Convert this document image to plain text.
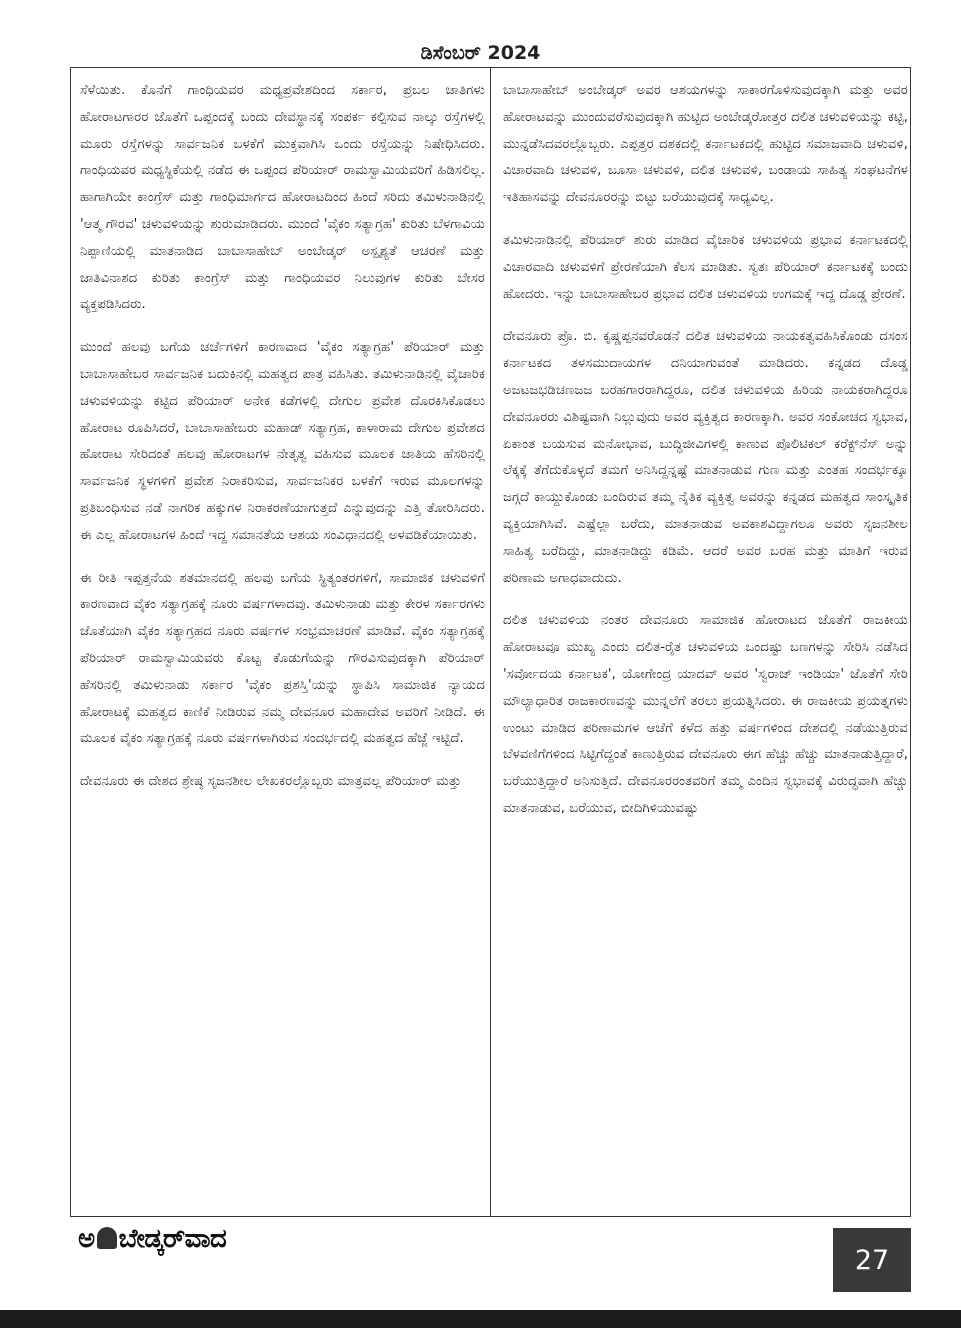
ಡಿಸೆಂಬರ್ 2024

ಸೆಳೆಯಿತು. ಕೊನೆಗೆ ಗಾಂಧಿಯವರ ಮಧ್ಯಪ್ರವೇಶದಿಂದ ಸರ್ಕಾರ, ಪ್ರಬಲ ಜಾತಿಗಳು ಹೋರಾಟಗಾರರ ಜೊತೆಗೆ ಒಪ್ಪಂದಕ್ಕೆ ಬಂದು ದೇವಸ್ಥಾನಕ್ಕೆ ಸಂಪರ್ಕ ಕಲ್ಪಿಸುವ ನಾಲ್ಕು ರಸ್ತೆಗಳಲ್ಲಿ ಮೂರು ರಸ್ತೆಗಳನ್ನು ಸಾರ್ವಜನಿಕ ಬಳಕೆಗೆ ಮುಕ್ತವಾಗಿಸಿ ಒಂದು ರಸ್ತೆಯನ್ನು ನಿಷೇಧಿಸಿದರು. ಗಾಂಧಿಯವರ ಮಧ್ಯಸ್ಥಿಕೆಯಲ್ಲಿ ನಡೆದ ಈ ಒಪ್ಪಂದ ಪೆರಿಯಾರ್ ರಾಮಸ್ವಾಮಿಯವರಿಗೆ ಹಿಡಿಸಲಿಲ್ಲ. ಹಾಗಾಗಿಯೇ ಕಾಂಗ್ರೆಸ್ ಮತ್ತು ಗಾಂಧಿಮಾರ್ಗದ ಹೋರಾಟದಿಂದ ಹಿಂದೆ ಸರಿದು ತಮಿಳುನಾಡಿನಲ್ಲಿ 'ಆತ್ಮ ಗೌರವ' ಚಳುವಳಿಯನ್ನು ಶುರುಮಾಡಿದರು. ಮುಂದೆ 'ವೈಕಂ ಸತ್ಯಾಗ್ರಹ' ಕುರಿತು ಬೆಳಗಾವಿಯ ನಿಪ್ಪಾಣಿಯಲ್ಲಿ ಮಾತನಾಡಿದ ಬಾಬಾಸಾಹೇಬ್ ಅಂಬೇಡ್ಕರ್ ಅಸ್ಪೃಶ್ಯತೆ ಆಚರಣೆ ಮತ್ತು ಜಾತಿವಿನಾಶದ ಕುರಿತು ಕಾಂಗ್ರೆಸ್ ಮತ್ತು ಗಾಂಧಿಯವರ ನಿಲುವುಗಳ ಕುರಿತು ಬೇಸರ ವ್ಯಕ್ತಪಡಿಸಿದರು.

ಮುಂದೆ ಹಲವು ಬಗೆಯ ಚರ್ಚೆಗಳಿಗೆ ಕಾರಣವಾದ 'ವೈಕಂ ಸತ್ಯಾಗ್ರಹ' ಪೆರಿಯಾರ್ ಮತ್ತು ಬಾಬಾಸಾಹೇಬರ ಸಾರ್ವಜನಿಕ ಬದುಕಿನಲ್ಲಿ ಮಹತ್ವದ ಪಾತ್ರ ವಹಿಸಿತು. ತಮಿಳುನಾಡಿನಲ್ಲಿ ವೈಚಾರಿಕ ಚಳುವಳಿಯನ್ನು ಕಟ್ಟಿದ ಪೆರಿಯಾರ್ ಅನೇಕ ಕಡೆಗಳಲ್ಲಿ ದೇಗುಲ ಪ್ರವೇಶ ದೊರಕಿಸಿಕೊಡಲು ಹೋರಾಟ ರೂಪಿಸಿದರೆ, ಬಾಬಾಸಾಹೇಬರು ಮಹಾಡ್ ಸತ್ಯಾಗ್ರಹ, ಕಾಳಾರಾಮ ದೇಗುಲ ಪ್ರವೇಶದ ಹೋರಾಟ ಸೇರಿದಂತೆ ಹಲವು ಹೋರಾಟಗಳ ನೇತೃತ್ವ ವಹಿಸುವ ಮೂಲಕ ಜಾತಿಯ ಹೆಸರಿನಲ್ಲಿ ಸಾರ್ವಜನಿಕ ಸ್ಥಳಗಳಿಗೆ ಪ್ರವೇಶ ನಿರಾಕರಿಸುವ, ಸಾರ್ವಜನಿಕರ ಬಳಕೆಗೆ ಇರುವ ಮೂಲಗಳನ್ನು ಪ್ರತಿಬಂಧಿಸುವ ನಡೆ ನಾಗರಿಕ ಹಕ್ಕುಗಳ ನಿರಾಕರಣೆಯಾಗುತ್ತದೆ ಎನ್ನುವುದನ್ನು ಎತ್ತಿ ತೋರಿಸಿದರು. ಈ ಎಲ್ಲ ಹೋರಾಟಗಳ ಹಿಂದೆ ಇದ್ದ ಸಮಾನತೆಯ ಆಶಯ ಸಂವಿಧಾನದಲ್ಲಿ ಅಳವಡಿಕೆಯಾಯಿತು.

ಈ ರೀತಿ ಇಪ್ಪತ್ತನೆಯ ಶತಮಾನದಲ್ಲಿ ಹಲವು ಬಗೆಯ ಸ್ಥಿತ್ಯಂತರಗಳಿಗೆ, ಸಾಮಾಜಿಕ ಚಳುವಳಿಗೆ ಕಾರಣವಾದ ವೈಕಂ ಸತ್ಯಾಗ್ರಹಕ್ಕೆ ನೂರು ವರ್ಷಗಳಾದವು. ತಮಿಳುನಾಡು ಮತ್ತು ಕೇರಳ ಸರ್ಕಾರಗಳು ಜೊತೆಯಾಗಿ ವೈಕಂ ಸತ್ಯಾಗ್ರಹದ ನೂರು ವರ್ಷಗಳ ಸಂಭ್ರಮಾಚರಣೆ ಮಾಡಿವೆ. ವೈಕಂ ಸತ್ಯಾಗ್ರಹಕ್ಕೆ ಪೆರಿಯಾರ್ ರಾಮಸ್ವಾಮಿಯವರು ಕೊಟ್ಟ ಕೊಡುಗೆಯನ್ನು ಗೌರವಿಸುವುದಕ್ಕಾಗಿ ಪೆರಿಯಾರ್ ಹೆಸರಿನಲ್ಲಿ ತಮಿಳುನಾಡು ಸರ್ಕಾರ 'ವೈಕಂ ಪ್ರಶಸ್ತಿ'ಯನ್ನು ಸ್ಥಾಪಿಸಿ ಸಾಮಾಜಿಕ ನ್ಯಾಯದ ಹೋರಾಟಕ್ಕೆ ಮಹತ್ವದ ಕಾಣಿಕೆ ನೀಡಿರುವ ನಮ್ಮ ದೇವನೂರ ಮಹಾದೇವ ಅವರಿಗೆ ನೀಡಿದೆ. ಈ ಮೂಲಕ ವೈಕಂ ಸತ್ಯಾಗ್ರಹಕ್ಕೆ ನೂರು ವರ್ಷಗಳಾಗಿರುವ ಸಂದರ್ಭದಲ್ಲಿ ಮಹತ್ವದ ಹೆಜ್ಜೆ ಇಟ್ಟಿದೆ.

ದೇವನೂರು ಈ ದೇಶದ ಶ್ರೇಷ್ಠ ಸೃಜನಶೀಲ ಲೇಖಕರಲ್ಲೊಬ್ಬರು ಮಾತ್ರವಲ್ಲ ಪೆರಿಯಾರ್ ಮತ್ತು

ಬಾಬಾಸಾಹೇಬ್ ಅಂಬೇಡ್ಕರ್ ಅವರ ಆಶಯಗಳನ್ನು ಸಾಕಾರಗೊಳಿಸುವುದಕ್ಕಾಗಿ ಮತ್ತು ಅವರ ಹೋರಾಟವನ್ನು ಮುಂದುವರೆಸುವುದಕ್ಕಾಗಿ ಹುಟ್ಟಿದ ಅಂಬೇಡ್ಕರೋತ್ತರ ದಲಿತ ಚಳುವಳಿಯನ್ನು ಕಟ್ಟಿ, ಮುನ್ನಡೆಸಿದವರಲ್ಲೊಬ್ಬರು. ಎಪ್ಪತ್ತರ ದಶಕದಲ್ಲಿ ಕರ್ನಾಟಕದಲ್ಲಿ ಹುಟ್ಟಿದ ಸಮಾಜವಾದಿ ಚಳುವಳಿ, ವಿಚಾರವಾದಿ ಚಳುವಳಿ, ಬೂಸಾ ಚಳುವಳಿ, ದಲಿತ ಚಳುವಳಿ, ಬಂಡಾಯ ಸಾಹಿತ್ಯ ಸಂಘಟನೆಗಳ ಇತಿಹಾಸವನ್ನು ದೇವನೂರರನ್ನು ಬಿಟ್ಟು ಬರೆಯುವುದಕ್ಕೆ ಸಾಧ್ಯವಿಲ್ಲ.

ತಮಿಳುನಾಡಿನಲ್ಲಿ ಪೆರಿಯಾರ್ ಶುರು ಮಾಡಿದ ವೈಚಾರಿಕ ಚಳುವಳಿಯ ಪ್ರಭಾವ ಕರ್ನಾಟಕದಲ್ಲಿ ವಿಚಾರವಾದಿ ಚಳುವಳಿಗೆ ಪ್ರೇರಣೆಯಾಗಿ ಕೆಲಸ ಮಾಡಿತು. ಸ್ವತಃ ಪೆರಿಯಾರ್ ಕರ್ನಾಟಕಕ್ಕೆ ಬಂದು ಹೋದರು. ಇನ್ನು ಬಾಬಾಸಾಹೇಬರ ಪ್ರಭಾವ ದಲಿತ ಚಳುವಳಿಯ ಉಗಮಕ್ಕೆ ಇದ್ದ ದೊಡ್ಡ ಪ್ರೇರಣೆ.

ದೇವನೂರು ಪ್ರೊ. ಬಿ. ಕೃಷ್ಣಪ್ಪನವರೊಡನೆ ದಲಿತ ಚಳುವಳಿಯ ನಾಯಕತ್ವವಹಿಸಿಕೊಂಡು ದಸಂಸ ಕರ್ನಾಟಕದ ತಳಸಮುದಾಯಗಳ ದನಿಯಾಗುವಂತೆ ಮಾಡಿದರು. ಕನ್ನಡದ ದೊಡ್ಡ ಅಜಟಜಭಡಿಚಣಜಜ ಬರಹಗಾರರಾಗಿದ್ದರೂ, ದಲಿತ ಚಳುವಳಿಯ ಹಿರಿಯ ನಾಯಕರಾಗಿದ್ದರೂ ದೇವನೂರರು ವಿಶಿಷ್ಟವಾಗಿ ನಿಲ್ಲುವುದು ಅವರ ವ್ಯಕ್ತಿತ್ವದ ಕಾರಣಕ್ಕಾಗಿ. ಅವರ ಸಂಕೋಚದ ಸ್ವಭಾವ, ಏಕಾಂತ ಬಯಸುವ ಮನೋಭಾವ, ಬುದ್ಧಿಜೀವಿಗಳಲ್ಲಿ ಕಾಣುವ ಪೊಲಿಟಿಕಲ್ ಕರೆಕ್ಟ್‌ನೆಸ್ ಅನ್ನು ಲೆಕ್ಕಕ್ಕೆ ತೆಗೆದುಕೊಳ್ಳದೆ ತಮಗೆ ಅನಿಸಿದ್ದನ್ನಷ್ಟೆ ಮಾತನಾಡುವ ಗುಣ ಮತ್ತು ಎಂತಹ ಸಂದರ್ಭಕ್ಕೂ ಜಗ್ಗದೆ ಕಾಯ್ದುಕೊಂಡು ಬಂದಿರುವ ತಮ್ಮ ನೈತಿಕ ವ್ಯಕ್ತಿತ್ವ ಅವರನ್ನು ಕನ್ನಡದ ಮಹತ್ವದ ಸಾಂಸ್ಕೃತಿಕ ವ್ಯಕ್ತಿಯಾಗಿಸಿವೆ. ಎಷ್ಟೆಲ್ಲಾ ಬರೆದು, ಮಾತನಾಡುವ ಅವಕಾಶವಿದ್ದಾಗಲೂ ಅವರು ಸೃಜನಶೀಲ ಸಾಹಿತ್ಯ ಬರೆದಿದ್ದು, ಮಾತನಾಡಿದ್ದು ಕಡಿಮೆ. ಆದರೆ ಅವರ ಬರಹ ಮತ್ತು ಮಾತಿಗೆ ಇರುವ ಪರಿಣಾಮ ಅಗಾಧವಾದುದು.

ದಲಿತ ಚಳುವಳಿಯ ನಂತರ ದೇವನೂರು ಸಾಮಾಜಿಕ ಹೋರಾಟದ ಜೊತೆಗೆ ರಾಜಕೀಯ ಹೋರಾಟವೂ ಮುಖ್ಯ ಎಂದು ದಲಿತ-ರೈತ ಚಳುವಳಿಯ ಒಂದಷ್ಟು ಬಣಗಳನ್ನು ಸೇರಿಸಿ ನಡೆಸಿದ 'ಸರ್ವೋದಯ ಕರ್ನಾಟಕ', ಯೋಗೇಂದ್ರ ಯಾದವ್ ಅವರ 'ಸ್ವರಾಜ್ ಇಂಡಿಯಾ' ಜೊತೆಗೆ ಸೇರಿ ಮೌಲ್ಯಾಧಾರಿತ ರಾಜಕಾರಣವನ್ನು ಮುನ್ನಲೆಗೆ ತರಲು ಪ್ರಯತ್ನಿಸಿದರು. ಈ ರಾಜಕೀಯ ಪ್ರಯತ್ನಗಳು ಉಂಟು ಮಾಡಿದ ಪರಿಣಾಮಗಳ ಆಚೆಗೆ ಕಳೆದ ಹತ್ತು ವರ್ಷಗಳಿಂದ ದೇಶದಲ್ಲಿ ನಡೆಯುತ್ತಿರುವ ಬೆಳವಣಿಗೆಗಳಿಂದ ಸಿಟ್ಟಿಗೆದ್ದಂತೆ ಕಾಣುತ್ತಿರುವ ದೇವನೂರು ಈಗ ಹೆಚ್ಚು ಹೆಚ್ಚು ಮಾತನಾಡುತ್ತಿದ್ದಾರೆ, ಬರೆಯುತ್ತಿದ್ದಾರೆ ಅನಿಸುತ್ತಿದೆ. ದೇವನೂರರಂತವರಿಗೆ ತಮ್ಮ ಎಂದಿನ ಸ್ವಭಾವಕ್ಕೆ ವಿರುದ್ಧವಾಗಿ ಹೆಚ್ಚು ಮಾತನಾಡುವ, ಬರೆಯುವ, ಬೀದಿಗಿಳಿಯುವಷ್ಟು

ಅ ಬೇಡ್ಕರ್‌ವಾದ
27
